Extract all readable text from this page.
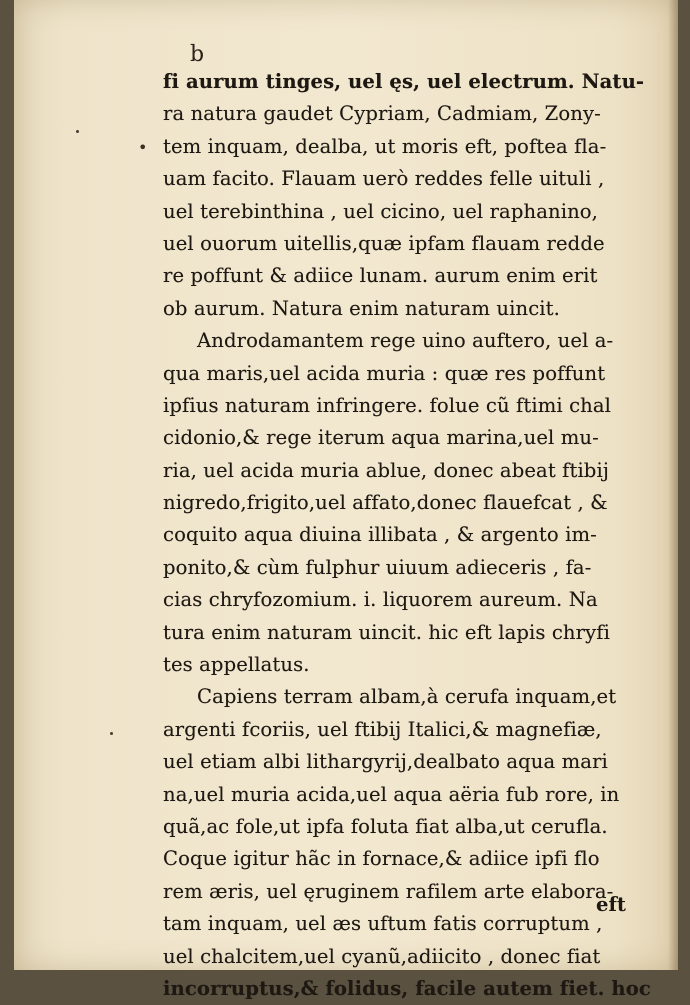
b
•
fi aurum tinges, uel ęs, uel electrum. Natu-
ra natura gaudet Cypriam, Cadmiam, Zony-
tem inquam, dealba, ut moris eft, poftea fla-
uam facito. Flauam uerò reddes felle uituli ,
uel terebinthina , uel cicino, uel raphanino,
uel ouorum uitellis,quæ ipfam flauam redde
re poffunt & adiice lunam. aurum enim erit
ob aurum. Natura enim naturam uincit.
Androdamantem rege uino auftero, uel a-
qua maris,uel acida muria : quæ res poffunt
ipfius naturam infringere. folue cũ ftimi chal
cidonio,& rege iterum aqua marina,uel mu-
ria, uel acida muria ablue, donec abeat ftibij
nigredo,frigito,uel affato,donec flauefcat , &
coquito aqua diuina illibata , & argento im-
ponito,& cùm fulphur uiuum adieceris , fa-
cias chryfozomium. i. liquorem aureum. Na
tura enim naturam uincit. hic eft lapis chryfi
tes appellatus.
Capiens terram albam,à cerufa inquam,et
argenti fcoriis, uel ftibij Italici,& magnefiæ,
uel etiam albi lithargyrij,dealbato aqua mari
na,uel muria acida,uel aqua aëria fub rore, in
quã,ac fole,ut ipfa foluta fiat alba,ut cerufla.
Coque igitur hãc in fornace,& adiice ipfi flo
rem æris, uel ęruginem rafilem arte elabora-
tam inquam, uel æs uftum fatis corruptum ,
uel chalcitem,uel cyanũ,adiicito , donec fiat
incorruptus,& folidus, facile autem fiet. hoc
eft
